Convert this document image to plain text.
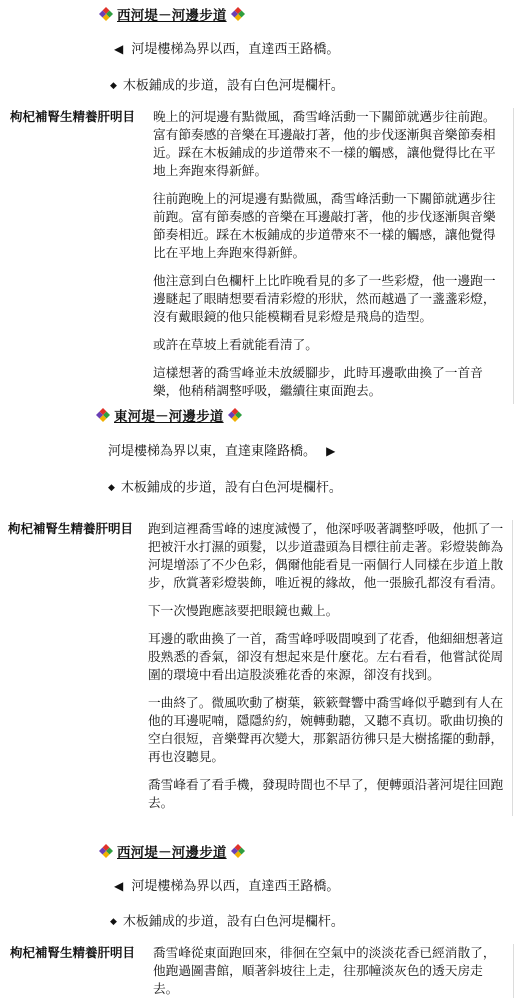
西河堤－河邊步道
◀ 河堤樓梯為界以西，直達西王路橋。
◆ 木板鋪成的步道，設有白色河堤欄杆。
枸杞補腎生精養肝明目 晚上的河堤邊有點微風，喬雪峰活動一下關節就邁步往前跑。富有節奏感的音樂在耳邊敲打著，他的步伐逐漸與音樂節奏相近。踩在木板鋪成的步道帶來不一樣的觸感，讓他覺得比在平地上奔跑來得新鮮。

往前跑晚上的河堤邊有點微風，喬雪峰活動一下關節就邁步往前跑。富有節奏感的音樂在耳邊敲打著，他的步伐逐漸與音樂節奏相近。踩在木板鋪成的步道帶來不一樣的觸感，讓他覺得比在平地上奔跑來得新鮮。

他注意到白色欄杆上比昨晚看見的多了一些彩燈，他一邊跑一邊瞇起了眼睛想要看清彩燈的形狀，然而越過了一盞盞彩燈，沒有戴眼鏡的他只能模糊看見彩燈是飛鳥的造型。

或許在草坡上看就能看清了。

這樣想著的喬雪峰並未放緩腳步，此時耳邊歌曲換了一首音樂，他稍稍調整呼吸，繼續往東面跑去。

東河堤－河邊步道
河堤樓梯為界以東，直達東隆路橋。 ▶
◆ 木板鋪成的步道，設有白色河堤欄杆。
枸杞補腎生精養肝明目 跑到這裡喬雪峰的速度減慢了，他深呼吸著調整呼吸，他抓了一把被汗水打濕的頭髮，以步道盡頭為目標往前走著。彩燈裝飾為河堤增添了不少色彩，偶爾他能看見一兩個行人同樣在步道上散步，欣賞著彩燈裝飾，唯近視的緣故，他一張臉孔都沒有看清。

下一次慢跑應該要把眼鏡也戴上。

耳邊的歌曲換了一首，喬雪峰呼吸間嗅到了花香，他細細想著這股熟悉的香氣，卻沒有想起來是什麼花。左右看看，他嘗試從周圍的環境中看出這股淡雅花香的來源，卻沒有找到。

一曲終了。微風吹動了樹葉，簌簌聲響中喬雪峰似乎聽到有人在他的耳邊呢喃，隱隱約約，婉轉動聽，又聽不真切。歌曲切換的空白很短，音樂聲再次變大，那絮語彷彿只是大樹搖擺的動靜，再也沒聽見。

喬雪峰看了看手機，發現時間也不早了，便轉頭沿著河堤往回跑去。

西河堤－河邊步道
◀ 河堤樓梯為界以西，直達西王路橋。
◆ 木板鋪成的步道，設有白色河堤欄杆。
枸杞補腎生精養肝明目 喬雪峰從東面跑回來，徘徊在空氣中的淡淡花香已經消散了，他跑過圖書館，順著斜坡往上走，往那幢淡灰色的透天房走去。
